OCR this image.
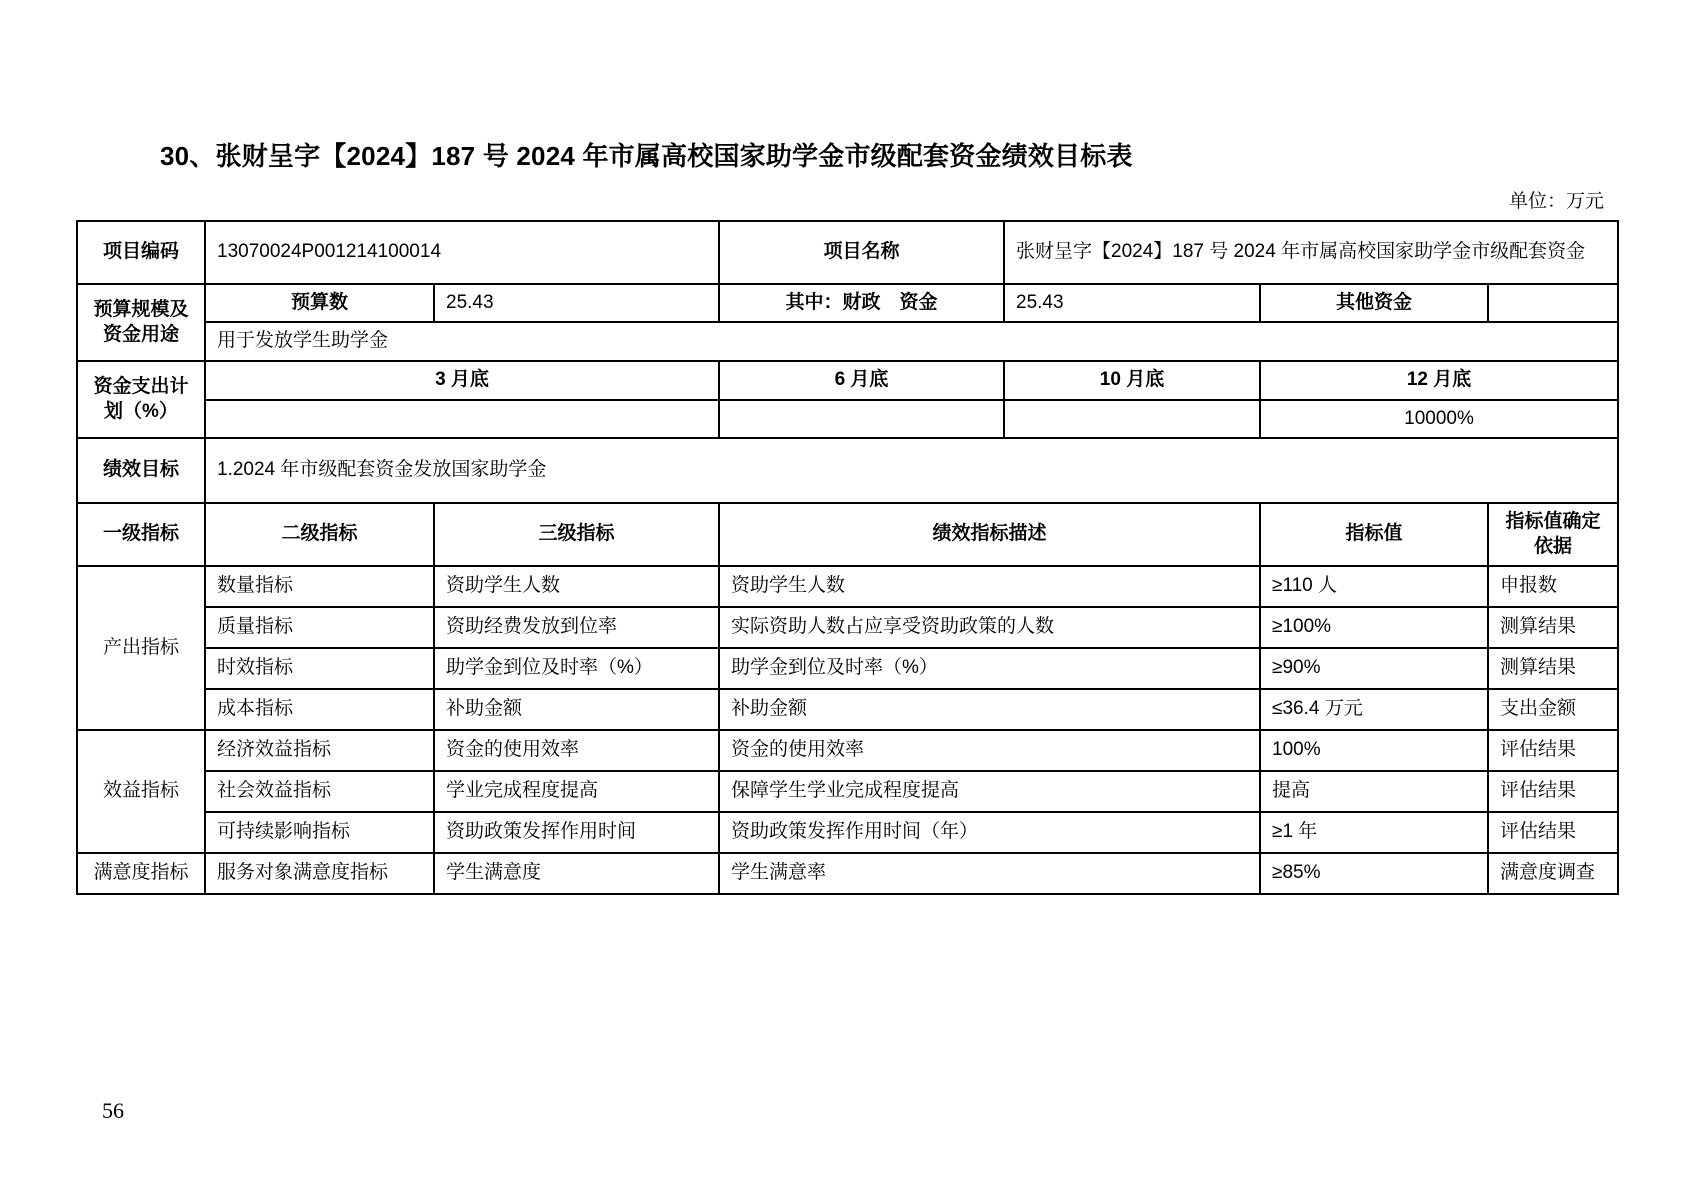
30、张财呈字【2024】187 号 2024 年市属高校国家助学金市级配套资金绩效目标表
单位：万元
项目编码	13070024P001214100014		项目名称	张财呈字【2024】187 号 2024 年市属高校国家助学金市级配套资金		
预算规模及资金用途	预算数	25.43	其中：财政　资金	25.43	其他资金	
	用于发放学生助学金					
资金支出计划（%）	3 月底		6 月底	10 月底	12 月底	
					10000%	
绩效目标	1.2024 年市级配套资金发放国家助学金					
一级指标	二级指标	三级指标	绩效指标描述		指标值	指标值确定依据
产出指标	数量指标	资助学生人数	资助学生人数		≥110 人	申报数
	质量指标	资助经费发放到位率	实际资助人数占应享受资助政策的人数		≥100%	测算结果
	时效指标	助学金到位及时率（%）	助学金到位及时率（%）		≥90%	测算结果
	成本指标	补助金额	补助金额		≤36.4 万元	支出金额
效益指标	经济效益指标	资金的使用效率	资金的使用效率		100%	评估结果
	社会效益指标	学业完成程度提高	保障学生学业完成程度提高		提高	评估结果
	可持续影响指标	资助政策发挥作用时间	资助政策发挥作用时间（年）		≥1 年	评估结果
满意度指标	服务对象满意度指标	学生满意度	学生满意率		≥85%	满意度调查
56
